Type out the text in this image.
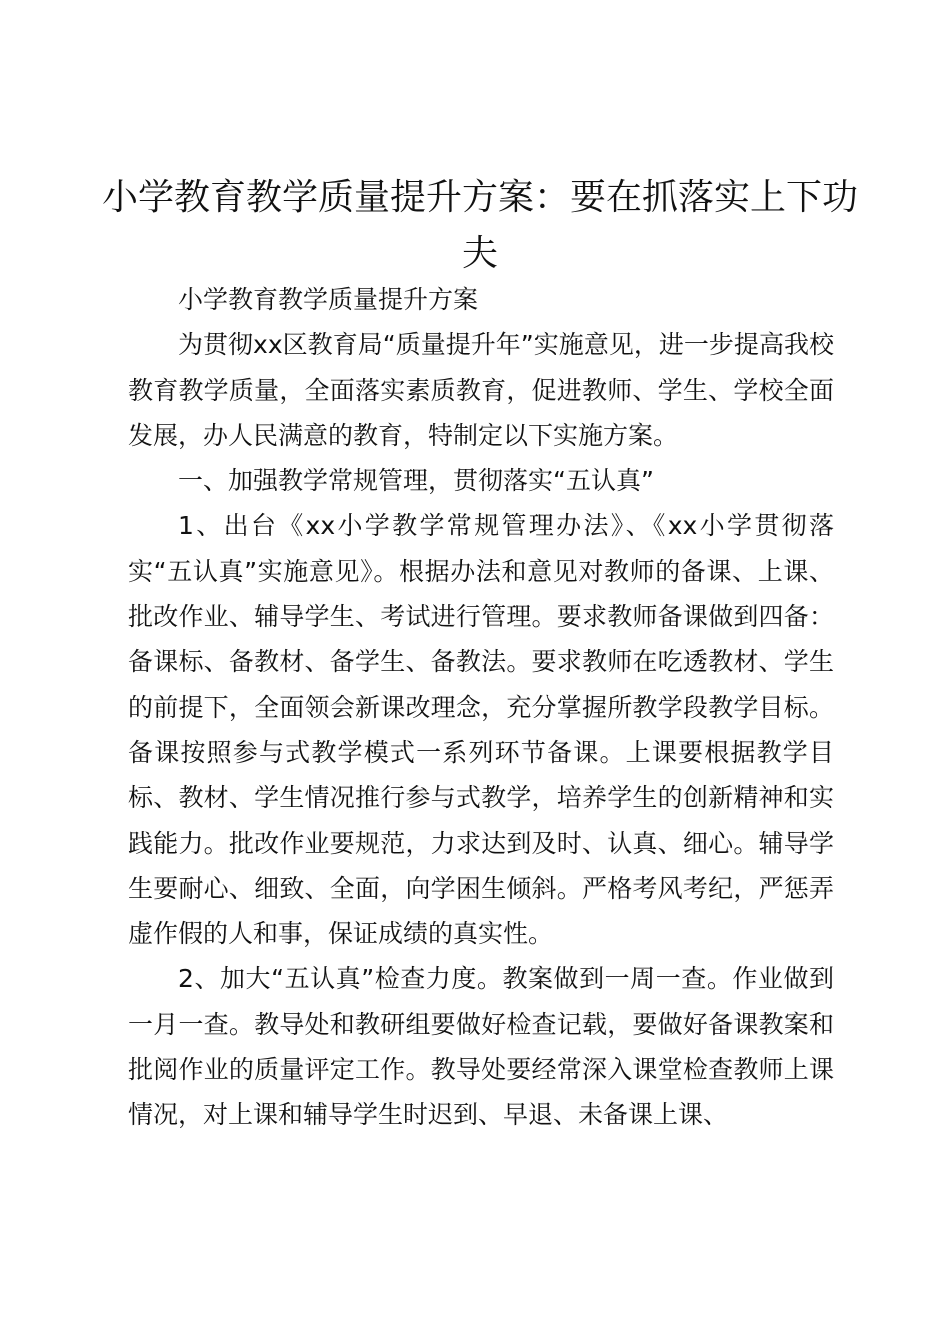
小学教育教学质量提升方案：要在抓落实上下功夫

小学教育教学质量提升方案

为贯彻xx区教育局“质量提升年”实施意见，进一步提高我校教育教学质量，全面落实素质教育，促进教师、学生、学校全面发展，办人民满意的教育，特制定以下实施方案。

一、加强教学常规管理，贯彻落实“五认真”

1、出台《xx小学教学常规管理办法》、《xx小学贯彻落实“五认真”实施意见》。根据办法和意见对教师的备课、上课、批改作业、辅导学生、考试进行管理。要求教师备课做到四备：备课标、备教材、备学生、备教法。要求教师在吃透教材、学生的前提下，全面领会新课改理念，充分掌握所教学段教学目标。备课按照参与式教学模式一系列环节备课。上课要根据教学目标、教材、学生情况推行参与式教学，培养学生的创新精神和实践能力。批改作业要规范，力求达到及时、认真、细心。辅导学生要耐心、细致、全面，向学困生倾斜。严格考风考纪，严惩弄虚作假的人和事，保证成绩的真实性。

2、加大“五认真”检查力度。教案做到一周一查。作业做到一月一查。教导处和教研组要做好检查记载，要做好备课教案和批阅作业的质量评定工作。教导处要经常深入课堂检查教师上课情况，对上课和辅导学生时迟到、早退、未备课上课、
